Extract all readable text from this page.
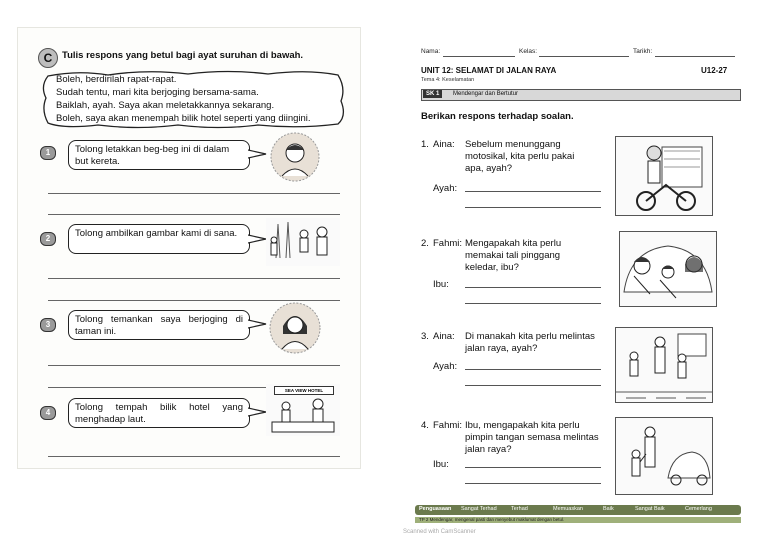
C	Tulis respons yang betul bagi ayat suruhan di bawah.
Boleh, berdirilah rapat-rapat.
Sudah tentu, mari kita berjoging bersama-sama.
Baiklah, ayah. Saya akan meletakkannya sekarang.
Boleh, saya akan menempah bilik hotel seperti yang diingini.
1	Tolong letakkan beg-beg ini di dalam but kereta.
2	Tolong ambilkan gambar kami di sana.
3	Tolong temankan saya berjoging di taman ini.
4	Tolong tempah bilik hotel yang menghadap laut.
SEA VIEW HOTEL
Nama:	Kelas:	Tarikh:
UNIT 12: SELAMAT DI JALAN RAYA	U12-27
Tema 4: Keselamatan
SK 1	Mendengar dan Bertutur
Berikan respons terhadap soalan.
1. Aina: Sebelum menunggang motosikal, kita perlu pakai apa, ayah?
Ayah:
2. Fahmi: Mengapakah kita perlu memakai tali pinggang keledar, ibu?
Ibu:
3. Aina: Di manakah kita perlu melintas jalan raya, ayah?
Ayah:
4. Fahmi: Ibu, mengapakah kita perlu pimpin tangan semasa melintas jalan raya?
Ibu:
Penguasaan Sangat Terhad	Terhad	Memuaskan	Baik	Sangat Baik	Cemerlang
TP 2 Mendengar, mengenal pasti dan menyebut maklumat dengan betul.
Scanned with CamScanner
